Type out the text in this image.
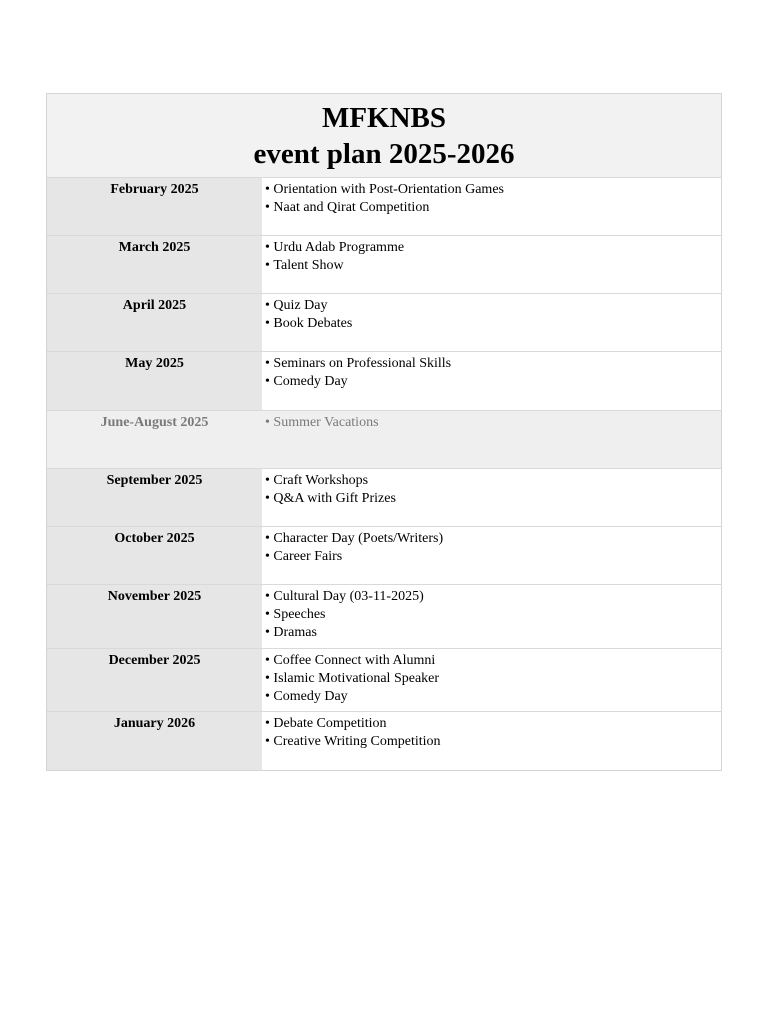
MFKNBS
event plan 2025-2026
February 2025	• Orientation with Post-Orientation Games
• Naat and Qirat Competition
March 2025	• Urdu Adab Programme
• Talent Show
April 2025	• Quiz Day
• Book Debates
May 2025	• Seminars on Professional Skills
• Comedy Day
June-August 2025	• Summer Vacations
September 2025	• Craft Workshops
• Q&A with Gift Prizes
October 2025	• Character Day (Poets/Writers)
• Career Fairs
November 2025	• Cultural Day (03-11-2025)
• Speeches
• Dramas
December 2025	• Coffee Connect with Alumni
• Islamic Motivational Speaker
• Comedy Day
January 2026	• Debate Competition
• Creative Writing Competition
